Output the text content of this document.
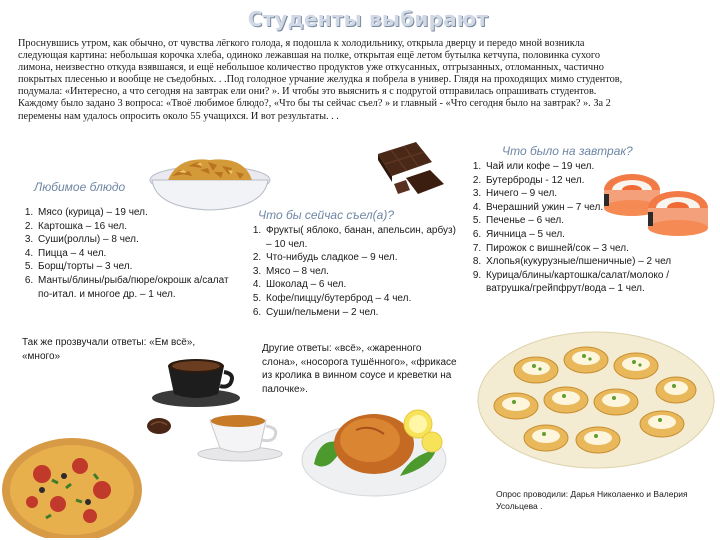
Студенты выбирают
Проснувшись утром, как обычно, от чувства лёгкого голода, я подошла к холодильнику, открыла дверцу и передо мной возникла следующая картина: небольшая корочка хлеба, одиноко лежавшая на полке, открытая ещё летом бутылка кетчупа, половинка сухого лимона, неизвестно откуда взявшаяся, и ещё небольшое количество продуктов уже откусанных, отгрызанных, отломанных, частично покрытых плесенью и вообще не съедобных. . .Под голодное урчание желудка я побрела в универ. Глядя на проходящих мимо студентов, подумала: «Интересно, а что сегодня на завтрак ели они? ». И чтобы это выяснить я с подругой отправилась опрашивать студентов. Каждому было задано 3 вопроса: «Твоё любимое блюдо?, «Что бы ты сейчас съел? » и главный - «Что сегодня было на завтрак? ». За 2 перемены нам удалось опросить около 55 учащихся. И вот результаты. . .
Любимое блюдо
1. Мясо (курица) – 19 чел.
2. Картошка – 16 чел.
3. Суши(роллы) – 8 чел.
4. Пицца – 4 чел.
5. Борщ/торты – 3 чел.
6. Манты/блины/рыба/пюре/окрошк а/салат по-итал. и многое др. – 1 чел.
Так же прозвучали ответы: «Ем всё», «много»
Что бы сейчас съел(а)?
1. Фрукты( яблоко, банан, апельсин, арбуз) – 10 чел.
2. Что-нибудь сладкое – 9 чел.
3. Мясо – 8 чел.
4. Шоколад – 6 чел.
5. Кофе/пиццу/бутерброд – 4 чел.
6. Суши/пельмени – 2 чел.
Другие ответы: «всё», «жаренного слона», «носорога тушённого», «фрикасе из кролика в винном соусе и креветки на палочке».
Что было на завтрак?
1. Чай или кофе – 19 чел.
2. Бутерброды - 12 чел.
3. Ничего – 9 чел.
4. Вчерашний ужин – 7 чел.
5. Печенье – 6 чел.
6. Яичница – 5 чел.
7. Пирожок с вишней/сок – 3 чел.
8. Хлопья(кукурузные/пшеничные) – 2 чел
9. Курица/блины/картошка/салат/молоко /ватрушка/грейпфрут/вода – 1 чел.
Опрос проводили: Дарья Николаенко и Валерия Усольцева .
